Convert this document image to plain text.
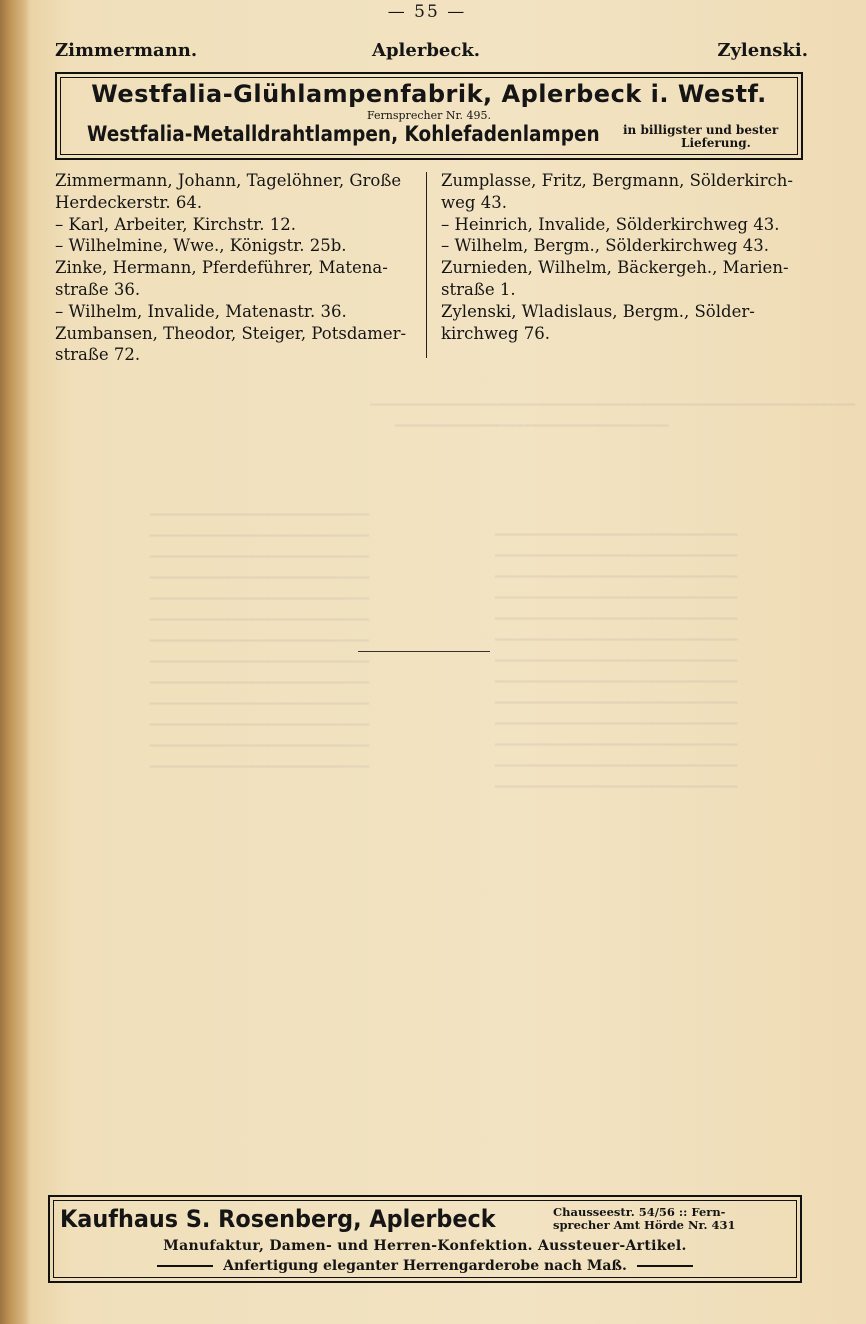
━━━━━━━━━━━━━━━━━━━━━━━━━━━━━━━━━━━━━━━━━━━━━━━━━━━━━━━━━━━━━━
━━━━━━━━━━━━━━━━━━━━━━━━━━━━━━━━━━━
━━━━━━━━━━━━━━━━━━━━━━━━━━━━
━━━━━━━━━━━━━━━━━━━━━━━━━━━━
━━━━━━━━━━━━━━━━━━━━━━━━━━━━
━━━━━━━━━━━━━━━━━━━━━━━━━━━━
━━━━━━━━━━━━━━━━━━━━━━━━━━━━
━━━━━━━━━━━━━━━━━━━━━━━━━━━━
━━━━━━━━━━━━━━━━━━━━━━━━━━━━
━━━━━━━━━━━━━━━━━━━━━━━━━━━━
━━━━━━━━━━━━━━━━━━━━━━━━━━━━
━━━━━━━━━━━━━━━━━━━━━━━━━━━━
━━━━━━━━━━━━━━━━━━━━━━━━━━━━
━━━━━━━━━━━━━━━━━━━━━━━━━━━━
━━━━━━━━━━━━━━━━━━━━━━━━━━━━
━━━━━━━━━━━━━━━━━━━━━━━━━━━━━━━
━━━━━━━━━━━━━━━━━━━━━━━━━━━━━━━
━━━━━━━━━━━━━━━━━━━━━━━━━━━━━━━
━━━━━━━━━━━━━━━━━━━━━━━━━━━━━━━
━━━━━━━━━━━━━━━━━━━━━━━━━━━━━━━
━━━━━━━━━━━━━━━━━━━━━━━━━━━━━━━
━━━━━━━━━━━━━━━━━━━━━━━━━━━━━━━
━━━━━━━━━━━━━━━━━━━━━━━━━━━━━━━
━━━━━━━━━━━━━━━━━━━━━━━━━━━━━━━
━━━━━━━━━━━━━━━━━━━━━━━━━━━━━━━
━━━━━━━━━━━━━━━━━━━━━━━━━━━━━━━
━━━━━━━━━━━━━━━━━━━━━━━━━━━━━━━
━━━━━━━━━━━━━━━━━━━━━━━━━━━━━━━
— 55 —
Zimmermann.	Aplerbeck.	Zylenski.
Westfalia-Glühlampenfabrik, Aplerbeck i. Westf.
Fernsprecher Nr. 495.
Westfalia-Metalldrahtlampen, Kohlefadenlampen in billigster und bester
Lieferung.
Zimmermann, Johann, Tagelöhner, Große
Herdeckerstr. 64.
– Karl, Arbeiter, Kirchstr. 12.
– Wilhelmine, Wwe., Königstr. 25b.
Zinke, Hermann, Pferdeführer, Matena-
straße 36.
– Wilhelm, Invalide, Matenastr. 36.
Zumbansen, Theodor, Steiger, Potsdamer-
straße 72.
Zumplasse, Fritz, Bergmann, Sölderkirch-
weg 43.
– Heinrich, Invalide, Sölderkirchweg 43.
– Wilhelm, Bergm., Sölderkirchweg 43.
Zurnieden, Wilhelm, Bäckergeh., Marien-
straße 1.
Zylenski, Wladislaus, Bergm., Sölder-
kirchweg 76.
Kaufhaus S. Rosenberg, Aplerbeck	Chausseestr. 54/56 :: Fern-
sprecher Amt Hörde Nr. 431
Manufaktur, Damen- und Herren-Konfektion. Aussteuer-Artikel.
Anfertigung eleganter Herrengarderobe nach Maß.
